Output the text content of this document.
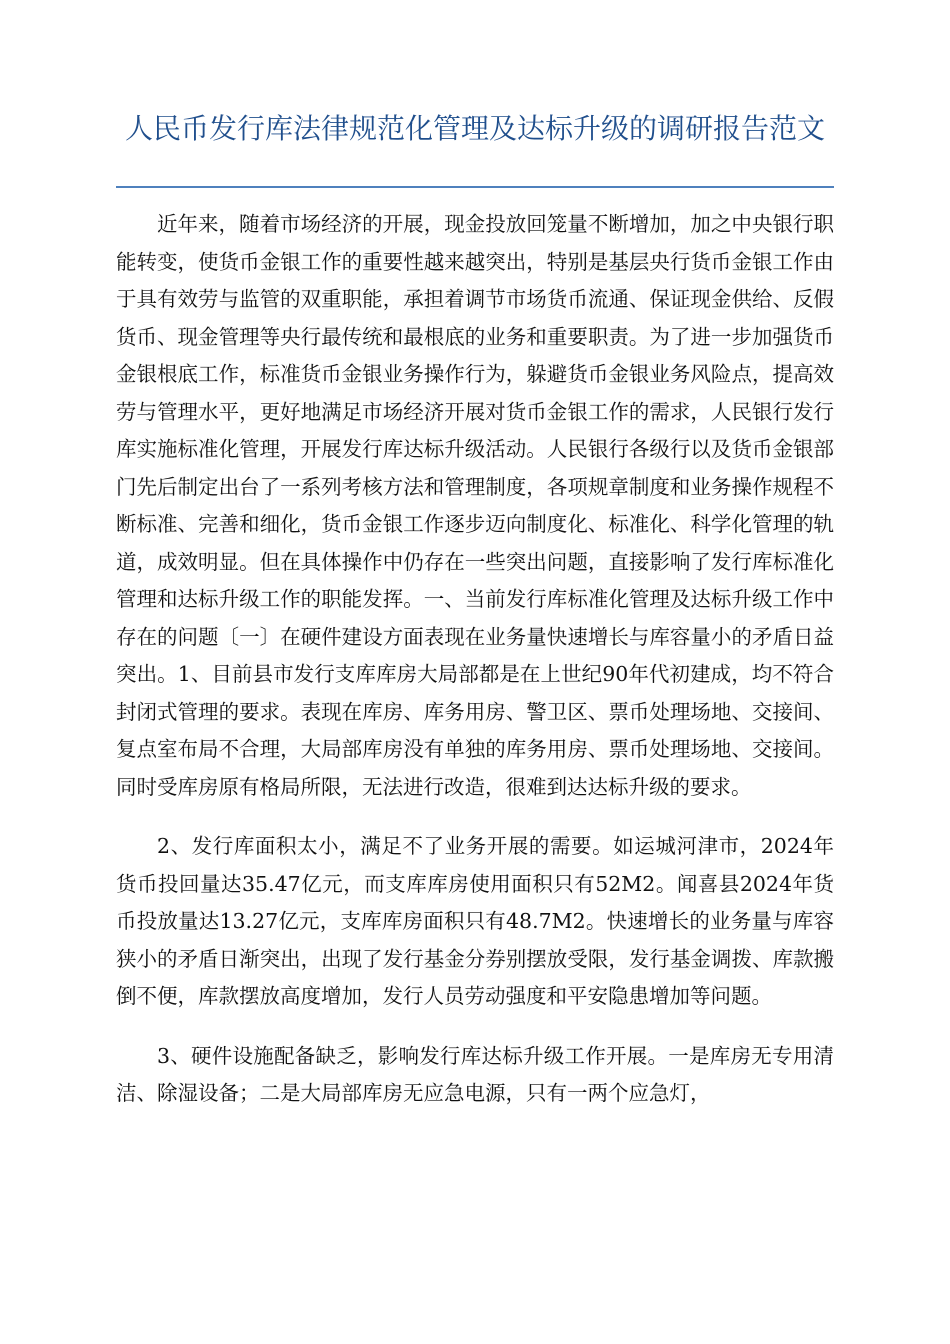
人民币发行库法律规范化管理及达标升级的调研报告范文

近年来，随着市场经济的开展，现金投放回笼量不断增加，加之中央银行职能转变，使货币金银工作的重要性越来越突出，特别是基层央行货币金银工作由于具有效劳与监管的双重职能，承担着调节市场货币流通、保证现金供给、反假货币、现金管理等央行最传统和最根底的业务和重要职责。为了进一步加强货币金银根底工作，标准货币金银业务操作行为，躲避货币金银业务风险点，提高效劳与管理水平，更好地满足市场经济开展对货币金银工作的需求，人民银行发行库实施标准化管理，开展发行库达标升级活动。人民银行各级行以及货币金银部门先后制定出台了一系列考核方法和管理制度，各项规章制度和业务操作规程不断标准、完善和细化，货币金银工作逐步迈向制度化、标准化、科学化管理的轨道，成效明显。但在具体操作中仍存在一些突出问题，直接影响了发行库标准化管理和达标升级工作的职能发挥。一、当前发行库标准化管理及达标升级工作中存在的问题〔一〕在硬件建设方面表现在业务量快速增长与库容量小的矛盾日益突出。1、目前县市发行支库库房大局部都是在上世纪90年代初建成，均不符合封闭式管理的要求。表现在库房、库务用房、警卫区、票币处理场地、交接间、复点室布局不合理，大局部库房没有单独的库务用房、票币处理场地、交接间。同时受库房原有格局所限，无法进行改造，很难到达达标升级的要求。

2、发行库面积太小，满足不了业务开展的需要。如运城河津市，2024年货币投回量达35.47亿元，而支库库房使用面积只有52M2。闻喜县2024年货币投放量达13.27亿元，支库库房面积只有48.7M2。快速增长的业务量与库容狭小的矛盾日渐突出，出现了发行基金分券别摆放受限，发行基金调拨、库款搬倒不便，库款摆放高度增加，发行人员劳动强度和平安隐患增加等问题。

3、硬件设施配备缺乏，影响发行库达标升级工作开展。一是库房无专用清洁、除湿设备；二是大局部库房无应急电源，只有一两个应急灯，
